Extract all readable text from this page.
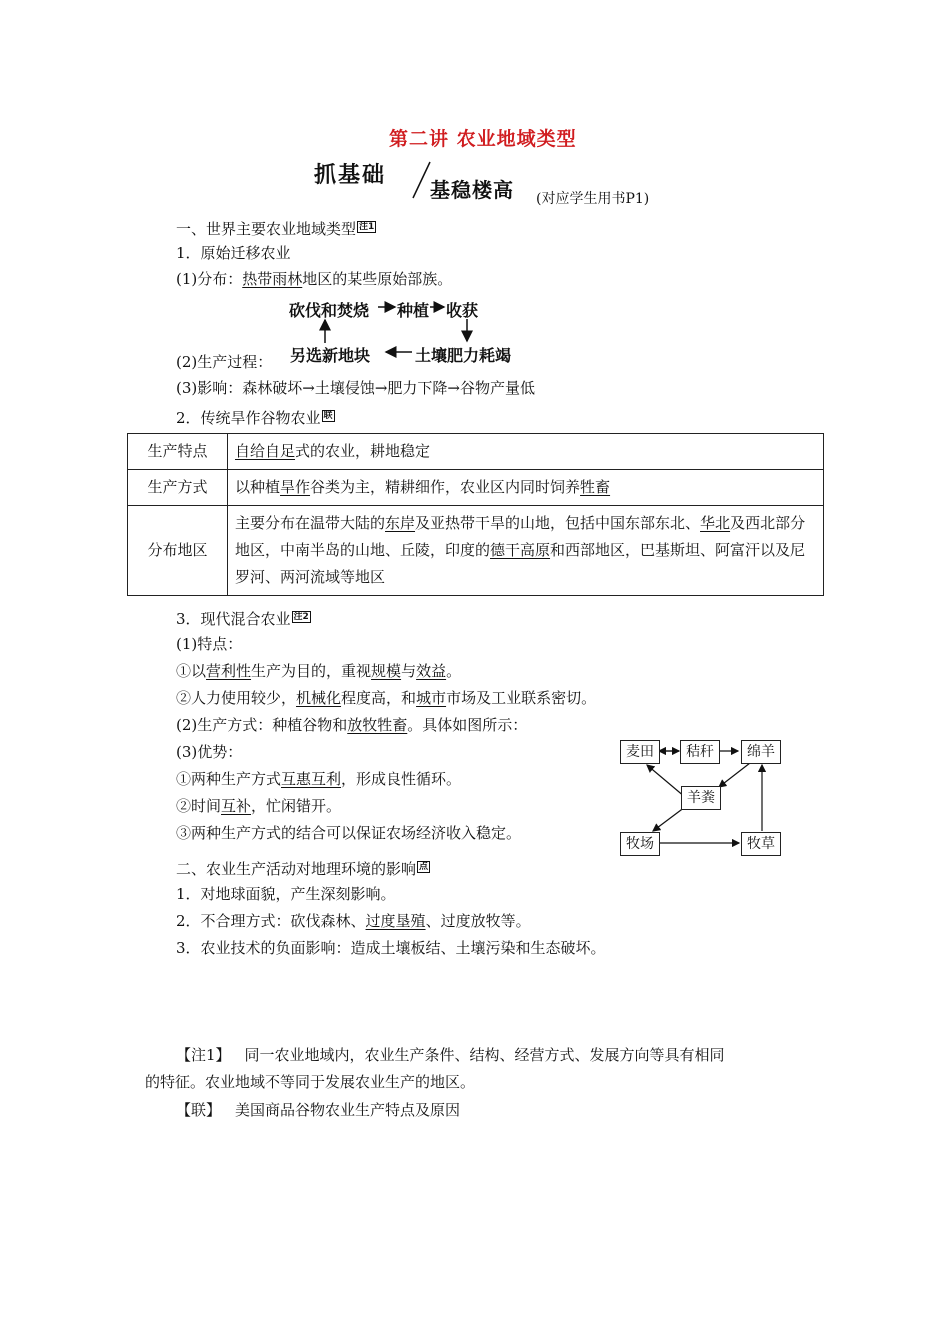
第二讲 农业地域类型
抓基础
基稳楼高 (对应学生用书P1)
一、世界主要农业地域类型 $^{注1}$
1．原始迁移农业
(1)分布：热带雨林地区的某些原始部族。
砍伐和焚烧 种植 收获
另选新地块	土壤肥力耗竭
(2)生产过程：
(3)影响：森林破坏→土壤侵蚀→肥力下降→谷物产量低
2．传统旱作谷物农业 $^联$
生产特点	自给自足式的农业，耕地稳定
生产方式	以种植旱作谷类为主，精耕细作，农业区内同时饲养牲畜
分布地区	主要分布在温带大陆的东岸及亚热带干旱的山地，包括中国东部东北、华北及西北部分地区，中南半岛的山地、丘陵，印度的德干高原和西部地区，巴基斯坦、阿富汗以及尼罗河、两河流域等地区
3．现代混合农业 $^{注2}$
(1)特点：
①以营利性生产为目的，重视规模与效益。
②人力使用较少，机械化程度高，和城市市场及工业联系密切。
(2)生产方式：种植谷物和放牧牲畜。具体如图所示：
(3)优势：
①两种生产方式互惠互利，形成良性循环。
②时间互补，忙闲错开。
③两种生产方式的结合可以保证农场经济收入稳定。
麦田	秸秆	绵羊
羊粪
牧场	牧草
二、农业生产活动对地理环境的影响 $^点$
1．对地球面貌，产生深刻影响。
2．不合理方式：砍伐森林、过度垦殖、过度放牧等。
3．农业技术的负面影响：造成土壤板结、土壤污染和生态破坏。
【注1】 同一农业地域内，农业生产条件、结构、经营方式、发展方向等具有相同
的特征。农业地域不等同于发展农业生产的地区。
【联】 美国商品谷物农业生产特点及原因
